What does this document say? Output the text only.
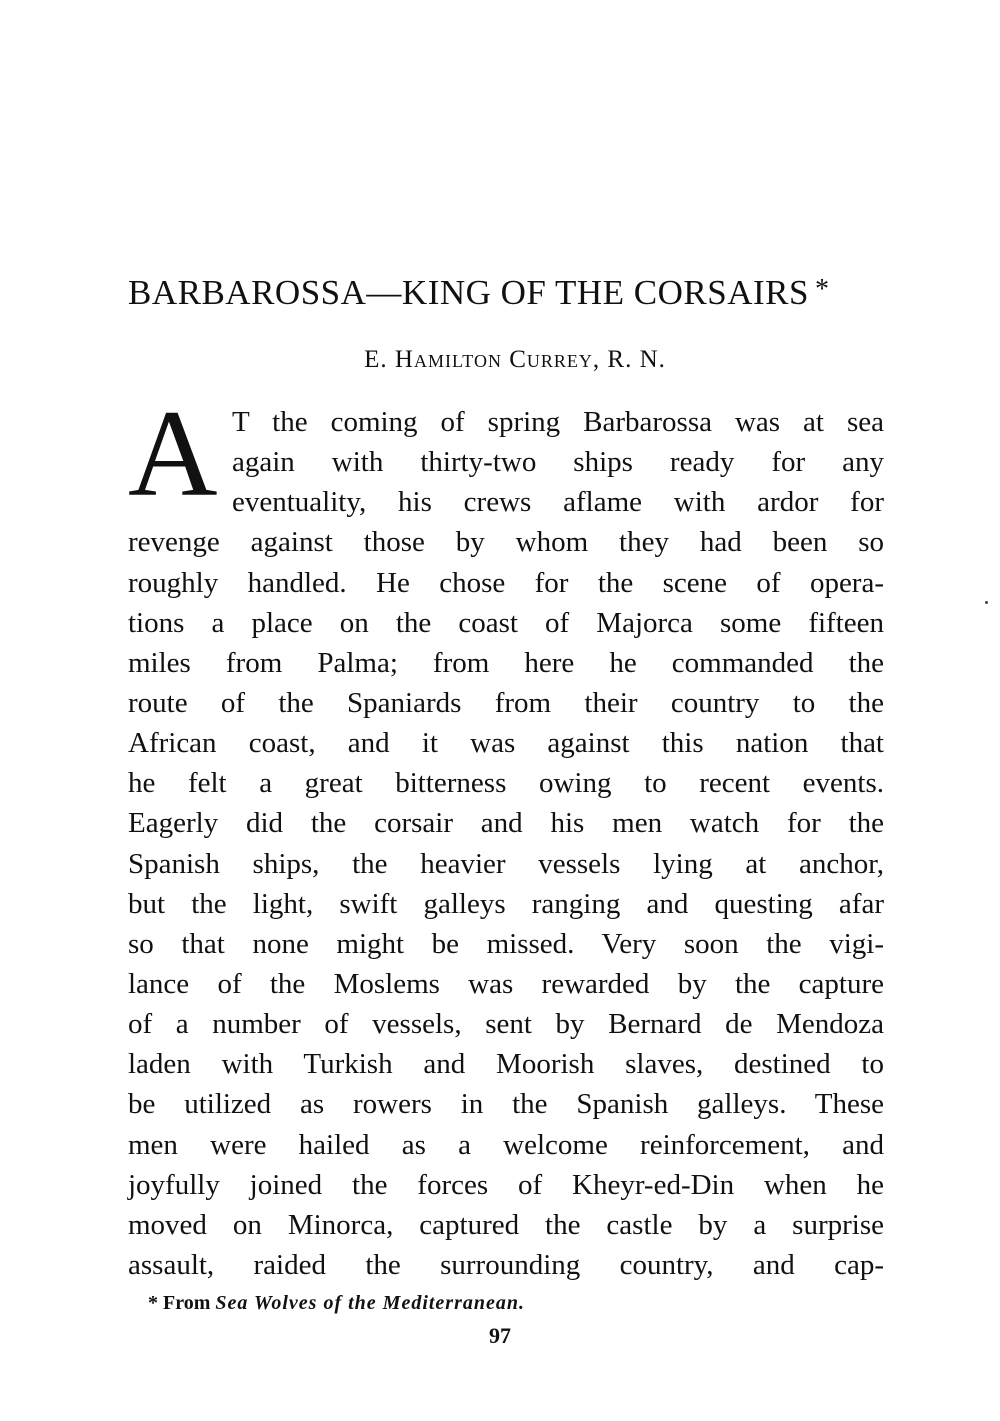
BARBAROSSA—KING OF THE CORSAIRS *
E. Hamilton Currey, R. N.
A T the coming of spring Barbarossa was at sea
again with thirty-two ships ready for any
eventuality, his crews aflame with ardor for
revenge against those by whom they had been so
roughly handled. He chose for the scene of opera-
tions a place on the coast of Majorca some fifteen
miles from Palma; from here he commanded the
route of the Spaniards from their country to the
African coast, and it was against this nation that
he felt a great bitterness owing to recent events.
Eagerly did the corsair and his men watch for the
Spanish ships, the heavier vessels lying at anchor,
but the light, swift galleys ranging and questing afar
so that none might be missed. Very soon the vigi-
lance of the Moslems was rewarded by the capture
of a number of vessels, sent by Bernard de Mendoza
laden with Turkish and Moorish slaves, destined to
be utilized as rowers in the Spanish galleys. These
men were hailed as a welcome reinforcement, and
joyfully joined the forces of Kheyr-ed-Din when he
moved on Minorca, captured the castle by a surprise
assault, raided the surrounding country, and cap-
* From Sea Wolves of the Mediterranean.
97
